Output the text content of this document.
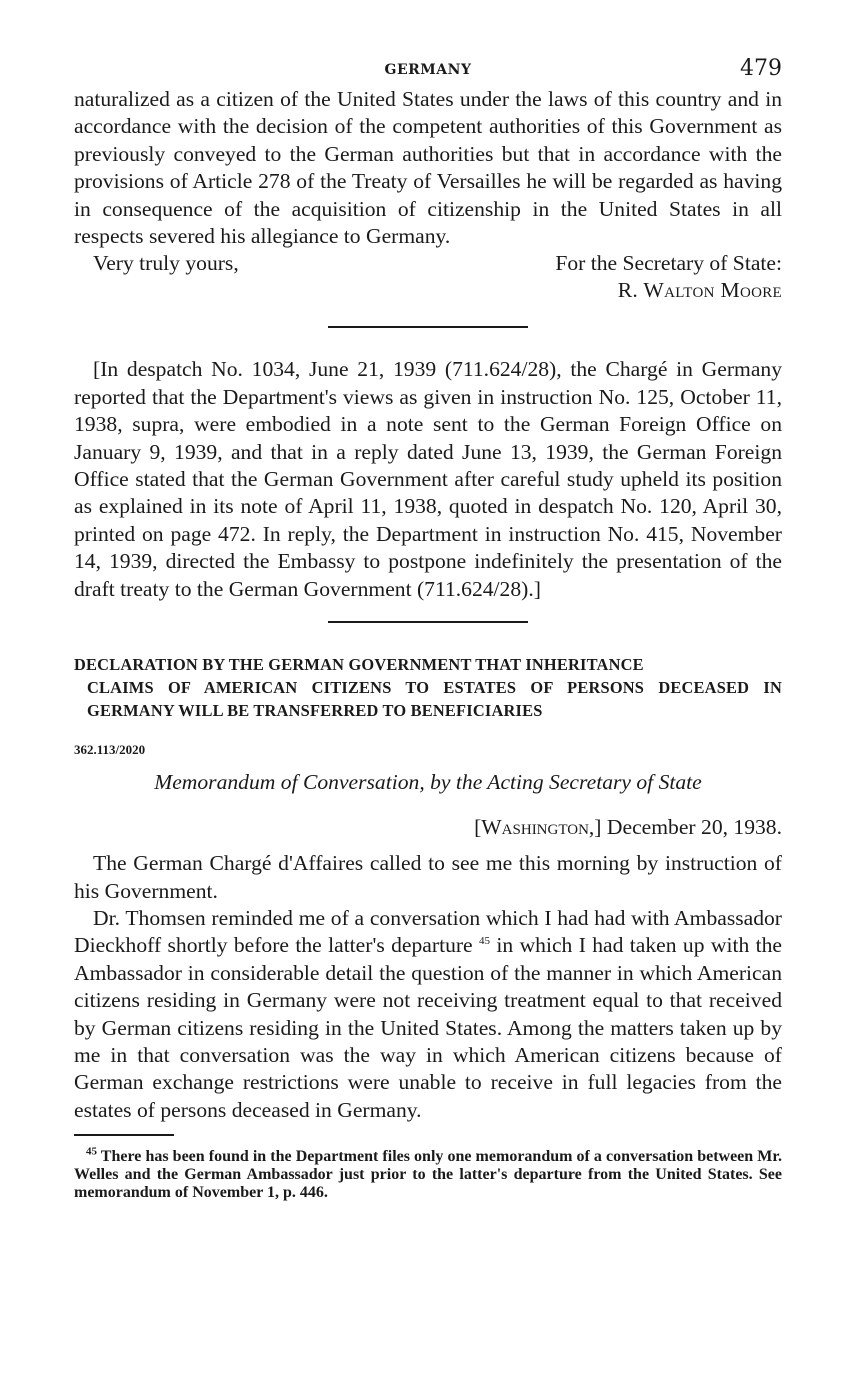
GERMANY	479

naturalized as a citizen of the United States under the laws of this country and in accordance with the decision of the competent authorities of this Government as previously conveyed to the German authorities but that in accordance with the provisions of Article 278 of the Treaty of Versailles he will be regarded as having in consequence of the acquisition of citizenship in the United States in all respects severed his allegiance to Germany.

Very truly yours,	For the Secretary of State:
R. Walton Moore

[In despatch No. 1034, June 21, 1939 (711.624/28), the Chargé in Germany reported that the Department's views as given in instruction No. 125, October 11, 1938, supra, were embodied in a note sent to the German Foreign Office on January 9, 1939, and that in a reply dated June 13, 1939, the German Foreign Office stated that the German Government after careful study upheld its position as explained in its note of April 11, 1938, quoted in despatch No. 120, April 30, printed on page 472. In reply, the Department in instruction No. 415, November 14, 1939, directed the Embassy to postpone indefinitely the presentation of the draft treaty to the German Government (711.624/28).]

DECLARATION BY THE GERMAN GOVERNMENT THAT INHERITANCE
CLAIMS OF AMERICAN CITIZENS TO ESTATES OF PERSONS DECEASED IN GERMANY WILL BE TRANSFERRED TO BENEFICIARIES

362.113/2020
Memorandum of Conversation, by the Acting Secretary of State
[Washington,] December 20, 1938.

The German Chargé d'Affaires called to see me this morning by instruction of his Government.

Dr. Thomsen reminded me of a conversation which I had had with Ambassador Dieckhoff shortly before the latter's departure $^{45}$ in which I had taken up with the Ambassador in considerable detail the question of the manner in which American citizens residing in Germany were not receiving treatment equal to that received by German citizens residing in the United States. Among the matters taken up by me in that conversation was the way in which American citizens because of German exchange restrictions were unable to receive in full legacies from the estates of persons deceased in Germany.

$^{45}$ There has been found in the Department files only one memorandum of a conversation between Mr. Welles and the German Ambassador just prior to the latter's departure from the United States. See memorandum of November 1, p. 446.
